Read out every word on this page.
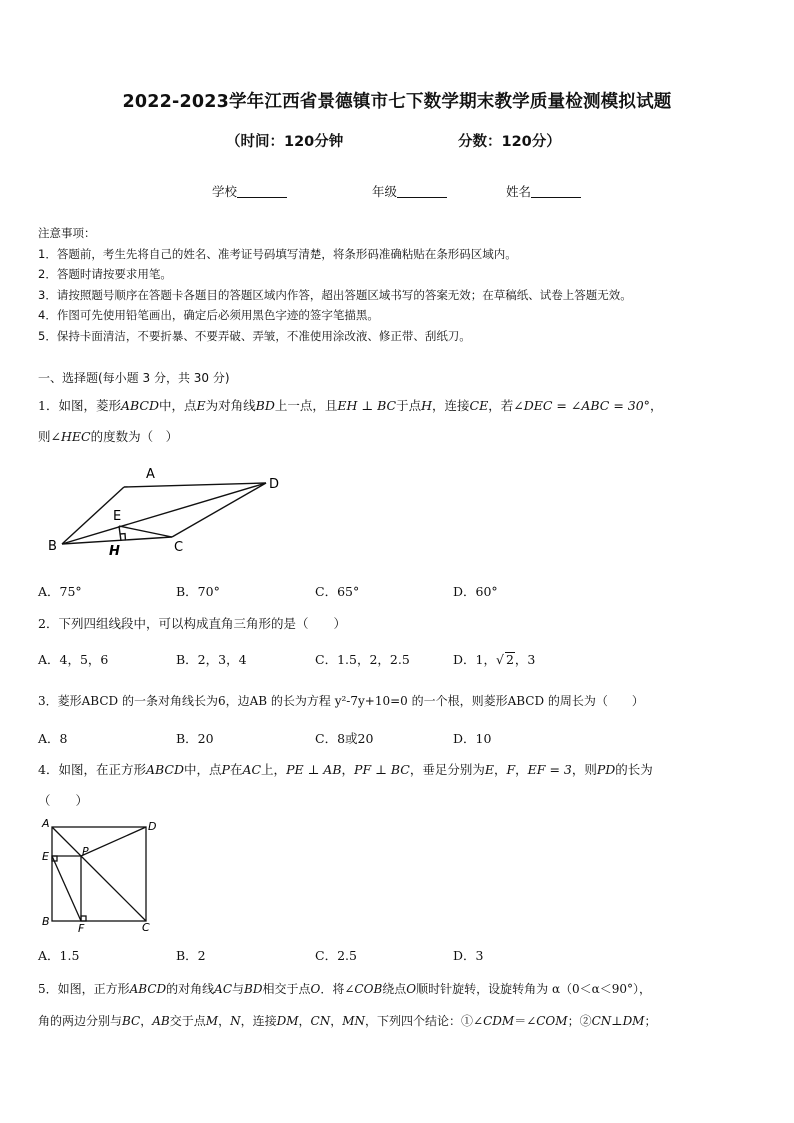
2022-2023学年江西省景德镇市七下数学期末教学质量检测模拟试题
（时间：120分钟	分数：120分）
学校	年级	姓名
注意事项：
1．答题前，考生先将自己的姓名、准考证号码填写清楚，将条形码准确粘贴在条形码区域内。
2．答题时请按要求用笔。
3．请按照题号顺序在答题卡各题目的答题区域内作答，超出答题区域书写的答案无效；在草稿纸、试卷上答题无效。
4．作图可先使用铅笔画出，确定后必须用黑色字迹的签字笔描黑。
5．保持卡面清洁，不要折暴、不要弄破、弄皱，不准使用涂改液、修正带、刮纸刀。
一、选择题(每小题 3 分，共 30 分)
1．如图，菱形ABCD中，点E为对角线BD上一点，且EH ⊥ BC于点H，连接CE，若∠DEC = ∠ABC = 30°，
则∠HEC的度数为（　）
A
D
B	C
E
H
A．75°	B．70°	C．65°	D．60°
2．下列四组线段中，可以构成直角三角形的是（　　）
A．4，5，6	B．2，3，4	C．1.5，2，2.5	D．1，√ 2，3
3．菱形ABCD 的一条对角线长为6，边AB 的长为方程 y²-7y+10=0 的一个根，则菱形ABCD 的周长为（　　）
A．8	B．20	C．8或20	D．10
4．如图，在正方形ABCD中，点P在AC上，PE ⊥ AB，PF ⊥ BC，垂足分别为E，F，EF = 3，则PD的长为
（　　）
A	D
E	P
B
F	C
A．1.5	B．2	C．2.5	D．3
5．如图，正方形ABCD的对角线AC与BD相交于点O．将∠COB绕点O顺时针旋转，设旋转角为 α（0＜α＜90°），
角的两边分别与BC，AB交于点M，N，连接DM，CN，MN，下列四个结论：①∠CDM＝∠COM；②CN⊥DM；
